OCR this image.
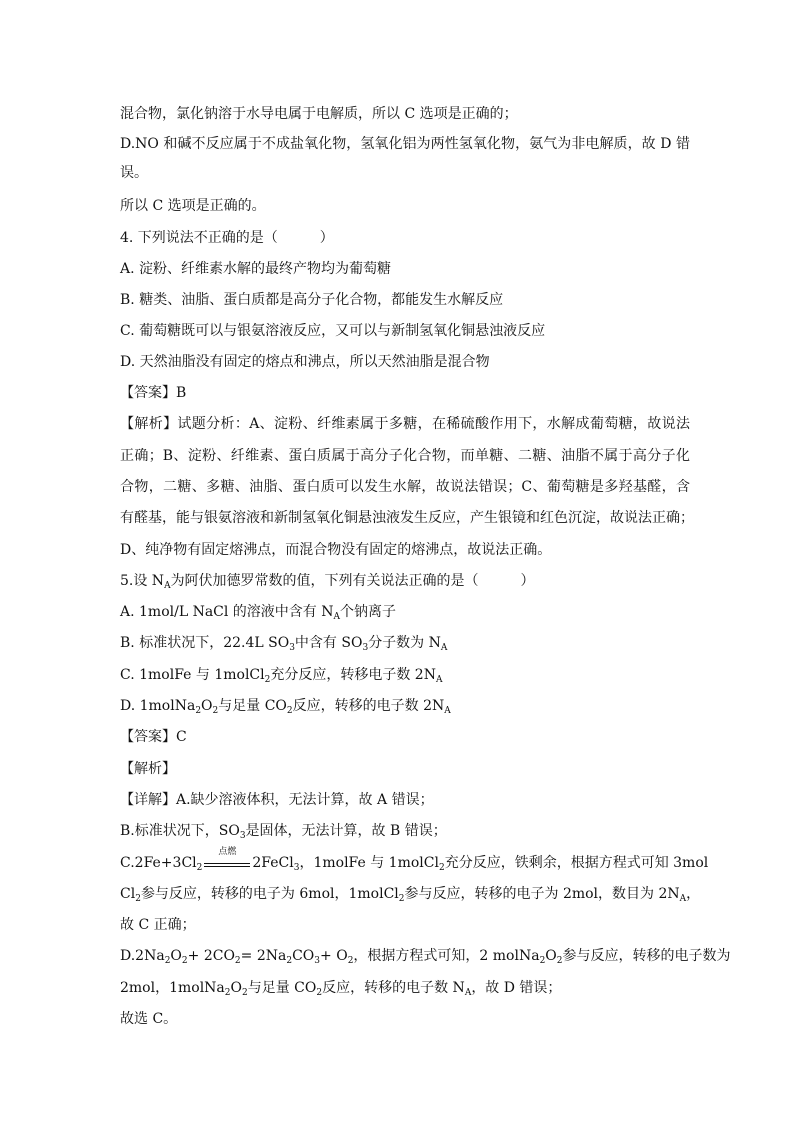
混合物，氯化钠溶于水导电属于电解质，所以 C 选项是正确的；
D.NO 和碱不反应属于不成盐氧化物，氢氧化铝为两性氢氧化物，氨气为非电解质，故 D 错
误。
所以 C 选项是正确的。
4. 下列说法不正确的是（　　　）
A. 淀粉、纤维素水解的最终产物均为葡萄糖
B. 糖类、油脂、蛋白质都是高分子化合物，都能发生水解反应
C. 葡萄糖既可以与银氨溶液反应，又可以与新制氢氧化铜悬浊液反应
D. 天然油脂没有固定的熔点和沸点，所以天然油脂是混合物
【答案】B
【解析】试题分析：A、淀粉、纤维素属于多糖，在稀硫酸作用下，水解成葡萄糖，故说法
正确；B、淀粉、纤维素、蛋白质属于高分子化合物，而单糖、二糖、油脂不属于高分子化
合物，二糖、多糖、油脂、蛋白质可以发生水解，故说法错误；C、葡萄糖是多羟基醛，含
有醛基，能与银氨溶液和新制氢氧化铜悬浊液发生反应，产生银镜和红色沉淀，故说法正确；
D、纯净物有固定熔沸点，而混合物没有固定的熔沸点，故说法正确。
5.设 $N_A$为阿伏加德罗常数的值，下列有关说法正确的是（　　　）
A. 1mol/L NaCl 的溶液中含有 $N_A$个钠离子
B. 标准状况下，22.4L $SO_3$中含有 $SO_3$分子数为 $N_A$
C. 1molFe 与 1molCl$_2$充分反应，转移电子数 $2N_A$
D. $1molNa_2O_2$与足量 $CO_2$反应，转移的电子数 $2N_A$
【答案】C
【解析】
【详解】A.缺少溶液体积，无法计算，故 A 错误；
B.标准状况下，$SO_3$是固体，无法计算，故 B 错误；
$C.2Fe+3Cl_2$
点燃
2FeCl$_3$，1molFe 与 1molCl$_2$充分反应，铁剩余，根据方程式可知 3mol
$Cl_2$参与反应，转移的电子为 6mol，1molCl$_2$参与反应，转移的电子为 2mol，数目为 $2N_A$，
故 C 正确；
$D.2Na_2O_2+ 2CO_2= 2Na_2CO_3+ O_2$，根据方程式可知，2 $molNa_2O_2$参与反应，转移的电子数为
2mol，$1molNa_2O_2$与足量 $CO_2$反应，转移的电子数 $N_A$，故 D 错误；
故选 C。
